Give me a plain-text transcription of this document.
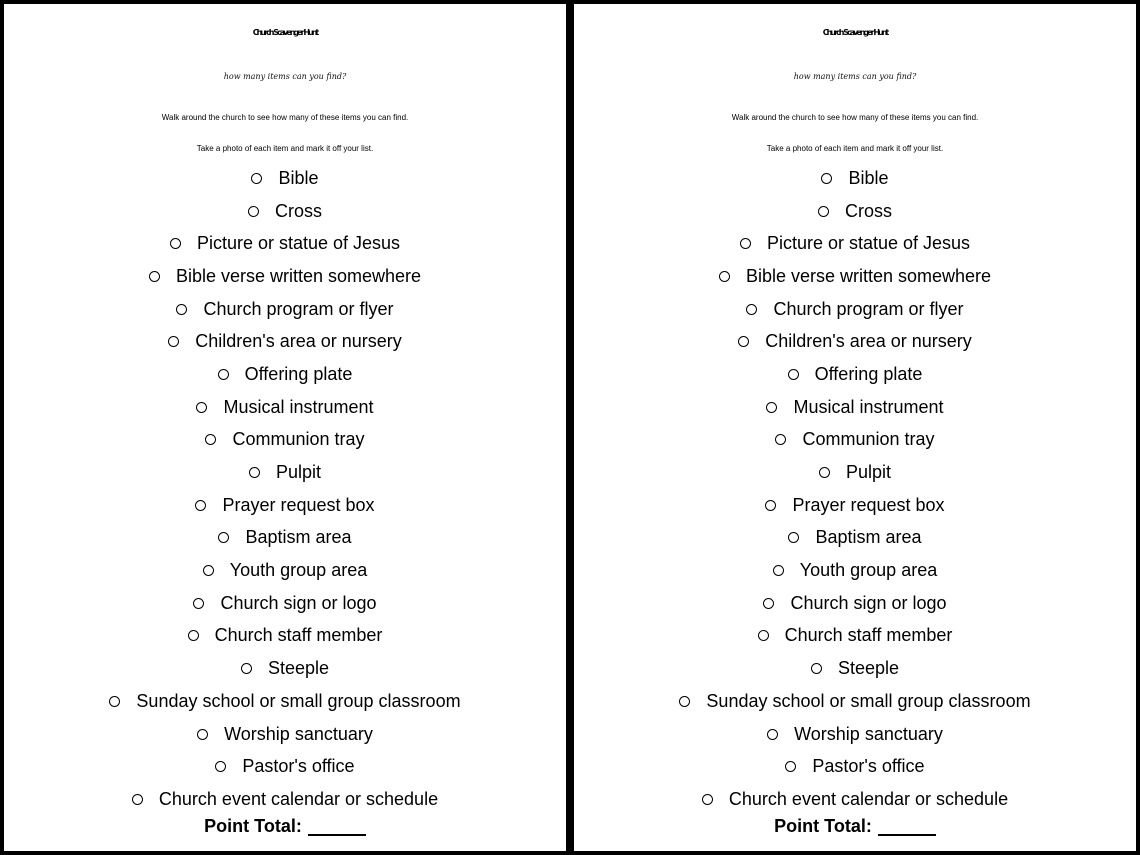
Church Scavenger Hunt
how many items can you find?
Walk around the church to see how many of these items you can find.
Take a photo of each item and mark it off your list.
Bible
Cross
Picture or statue of Jesus
Bible verse written somewhere
Church program or flyer
Children's area or nursery
Offering plate
Musical instrument
Communion tray
Pulpit
Prayer request box
Baptism area
Youth group area
Church sign or logo
Church staff member
Steeple
Sunday school or small group classroom
Worship sanctuary
Pastor's office
Church event calendar or schedule
Point Total:
Church Scavenger Hunt
how many items can you find?
Walk around the church to see how many of these items you can find.
Take a photo of each item and mark it off your list.
Bible
Cross
Picture or statue of Jesus
Bible verse written somewhere
Church program or flyer
Children's area or nursery
Offering plate
Musical instrument
Communion tray
Pulpit
Prayer request box
Baptism area
Youth group area
Church sign or logo
Church staff member
Steeple
Sunday school or small group classroom
Worship sanctuary
Pastor's office
Church event calendar or schedule
Point Total:
